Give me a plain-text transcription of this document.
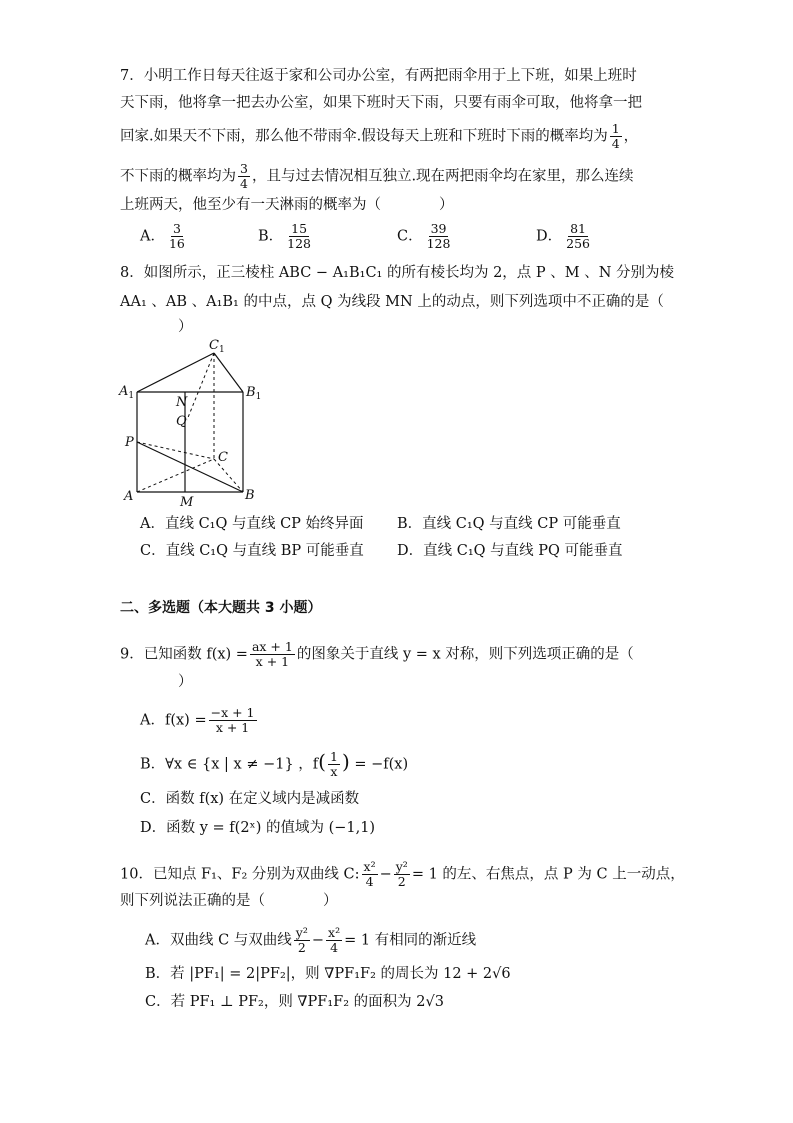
7．小明工作日每天往返于家和公司办公室，有两把雨伞用于上下班，如果上班时
天下雨，他将拿一把去办公室，如果下班时天下雨，只要有雨伞可取，他将拿一把
回家.如果天不下雨，那么他不带雨伞.假设每天上班和下班时下雨的概率均为 $\frac{1}{4}$ ，
不下雨的概率均为 $\frac{3}{4}$ ，且与过去情况相互独立.现在两把雨伞均在家里，那么连续
上班两天，他至少有一天淋雨的概率为（　　　　）
A． $\frac{3}{16}$	B． $\frac{15}{128}$	C． $\frac{39}{128}$	D． $\frac{81}{256}$
8．如图所示，正三棱柱 ABC − A₁B₁C₁ 的所有棱长均为 2，点 P 、M 、N 分别为棱
AA₁ 、AB 、A₁B₁ 的中点，点 Q 为线段 MN 上的动点，则下列选项中不正确的是（
）
$C_1$
$A_1$	$B_1$
N
Q
P
C
A	M	B
A．直线 C₁Q 与直线 CP 始终异面 B．直线 C₁Q 与直线 CP 可能垂直
C．直线 C₁Q 与直线 BP 可能垂直 D．直线 C₁Q 与直线 PQ 可能垂直
二、多选题（本大题共 3 小题）
9．已知函数 $f(x) = \frac{ax + 1}{x + 1}$ 的图象关于直线 y = x 对称，则下列选项正确的是（
）
A．$f(x) = \frac{-x + 1}{x + 1}$
B．∀x ∈ {x | x ≠ −1} ，$f( \frac{1}{x}$ ) = −f(x)
C．函数 f(x) 在定义域内是减函数
D．函数 y = f(2ˣ) 的值域为 (−1,1)
10．已知点 F₁、F₂ 分别为双曲线 C: $\frac{\text{x²}}{4} - \frac{\text{y²}}{2} = 1$ 的左、右焦点，点 P 为 C 上一动点，
则下列说法正确的是（　　　　）
A．双曲线 C 与双曲线 $\frac{\text{y²}}{2} - \frac{\text{x²}}{4} = 1$ 有相同的渐近线
B．若 |PF₁| = 2|PF₂|，则 ∇PF₁F₂ 的周长为 12 + 2√6
C．若 PF₁ ⊥ PF₂，则 ∇PF₁F₂ 的面积为 2√3
